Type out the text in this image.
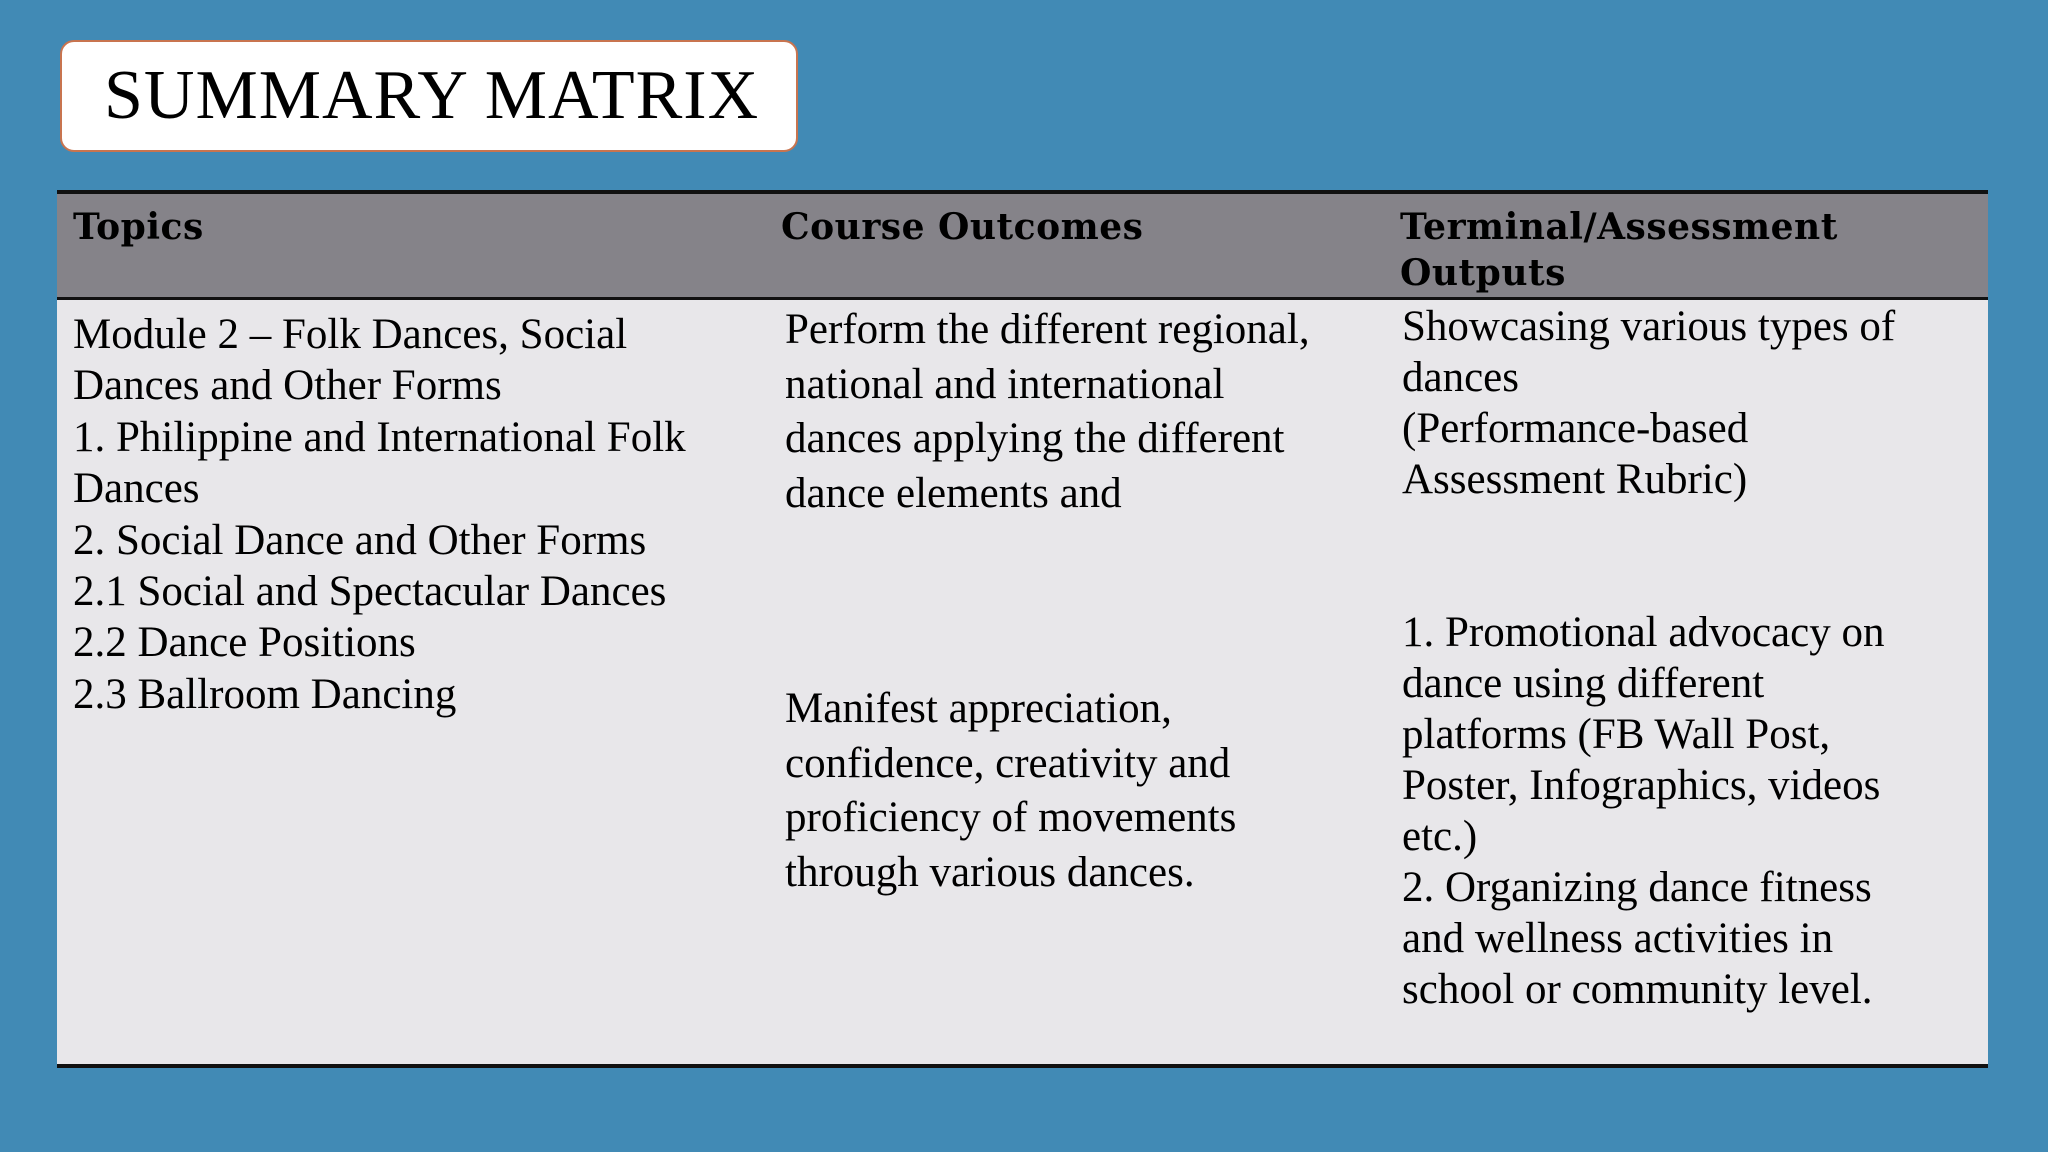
SUMMARY MATRIX
Topics	Course Outcomes	Terminal/Assessment
Outputs
Module 2 – Folk Dances, Social
Dances and Other Forms
1. Philippine and International Folk
Dances
2. Social Dance and Other Forms
2.1 Social and Spectacular Dances
2.2 Dance Positions
2.3 Ballroom Dancing
Perform the different regional,
national and international
dances applying the different
dance elements and
Manifest appreciation,
confidence, creativity and
proficiency of movements
through various dances.
Showcasing various types of
dances
(Performance-based
Assessment Rubric)
1. Promotional advocacy on
dance using different
platforms (FB Wall Post,
Poster, Infographics, videos
etc.)
2. Organizing dance fitness
and wellness activities in
school or community level.
